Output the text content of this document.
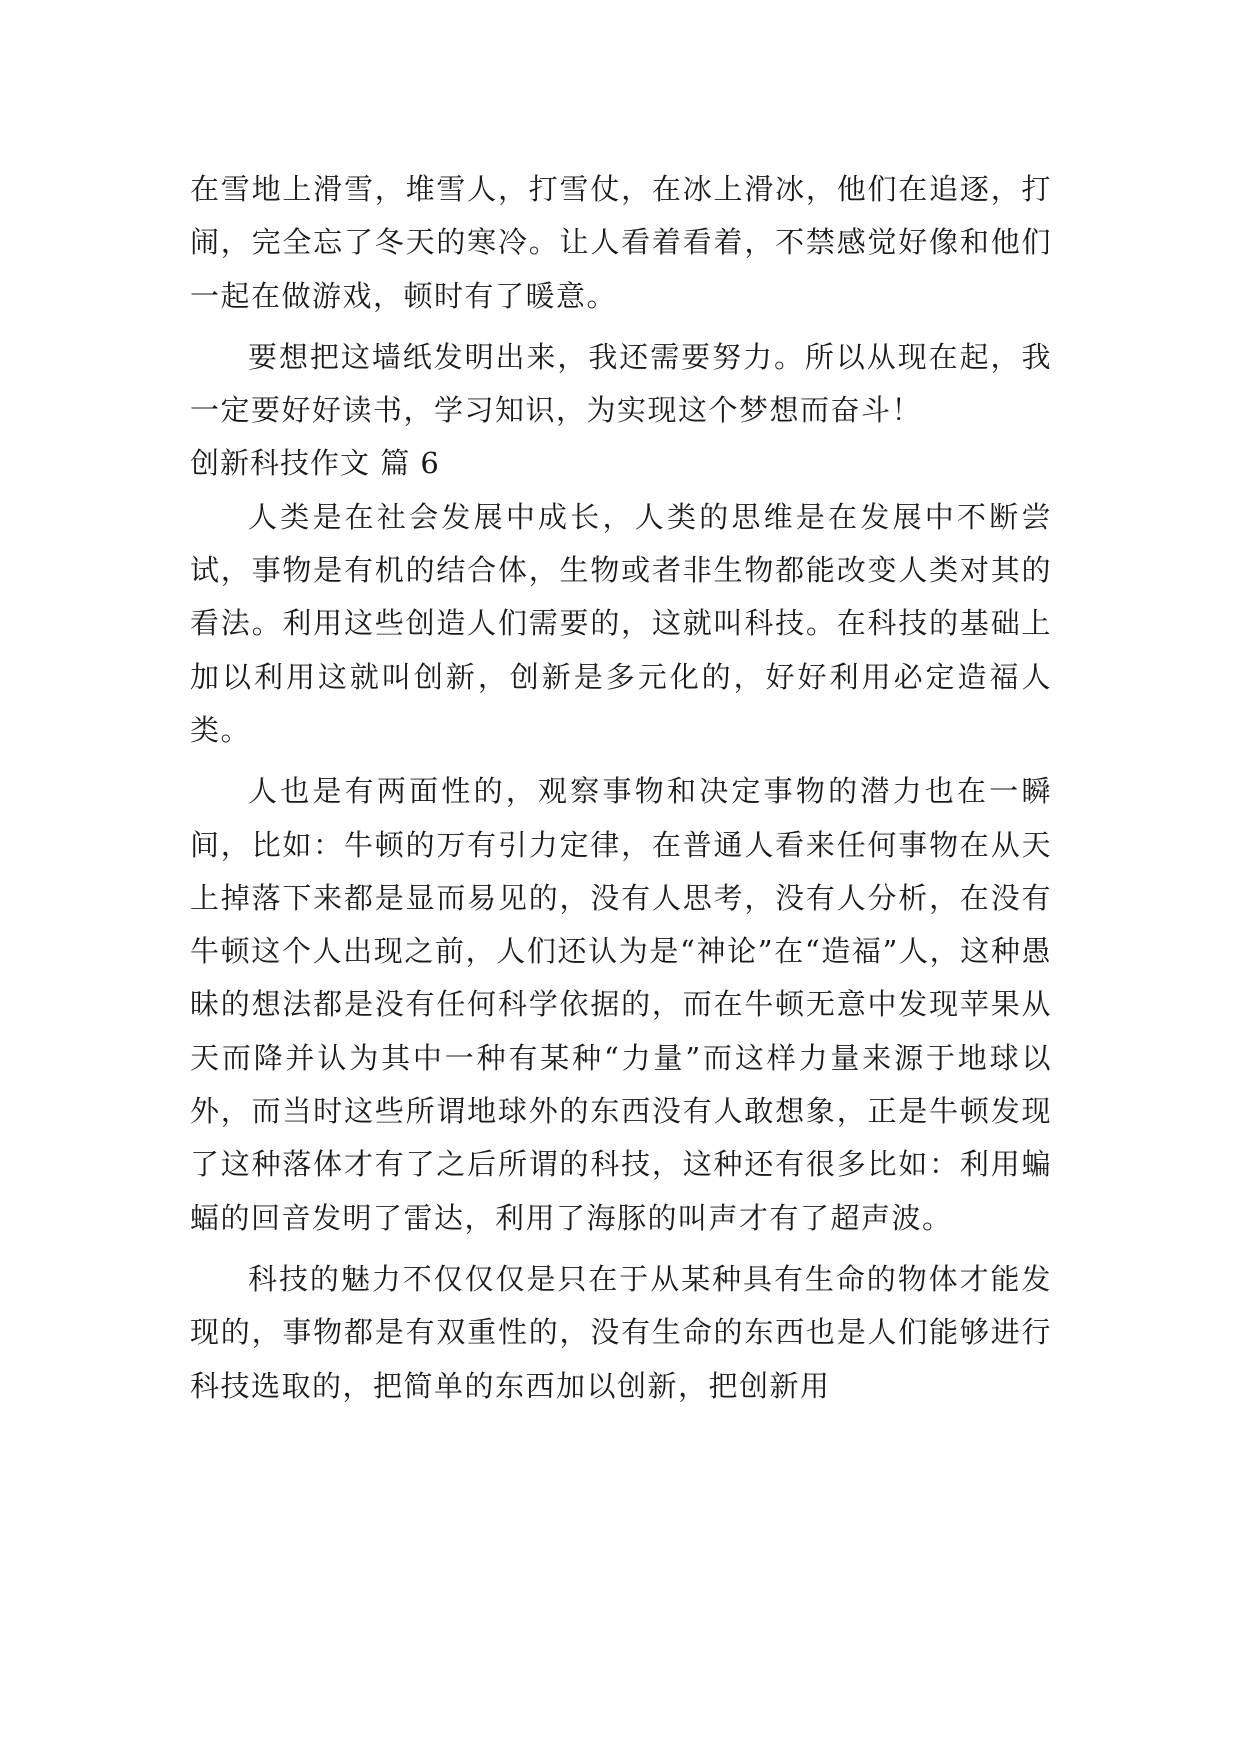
在雪地上滑雪，堆雪人，打雪仗，在冰上滑冰，他们在追逐，打闹，完全忘了冬天的寒冷。让人看着看着，不禁感觉好像和他们一起在做游戏，顿时有了暖意。

要想把这墙纸发明出来，我还需要努力。所以从现在起，我一定要好好读书，学习知识，为实现这个梦想而奋斗！

创新科技作文 篇 6

人类是在社会发展中成长，人类的思维是在发展中不断尝试，事物是有机的结合体，生物或者非生物都能改变人类对其的看法。利用这些创造人们需要的，这就叫科技。在科技的基础上加以利用这就叫创新，创新是多元化的，好好利用必定造福人类。

人也是有两面性的，观察事物和决定事物的潜力也在一瞬间，比如：牛顿的万有引力定律，在普通人看来任何事物在从天上掉落下来都是显而易见的，没有人思考，没有人分析，在没有牛顿这个人出现之前，人们还认为是“神论”在“造福”人，这种愚昧的想法都是没有任何科学依据的，而在牛顿无意中发现苹果从天而降并认为其中一种有某种“力量”而这样力量来源于地球以外，而当时这些所谓地球外的东西没有人敢想象，正是牛顿发现了这种落体才有了之后所谓的科技，这种还有很多比如：利用蝙蝠的回音发明了雷达，利用了海豚的叫声才有了超声波。

科技的魅力不仅仅仅是只在于从某种具有生命的物体才能发现的，事物都是有双重性的，没有生命的东西也是人们能够进行科技选取的，把简单的东西加以创新，把创新用
